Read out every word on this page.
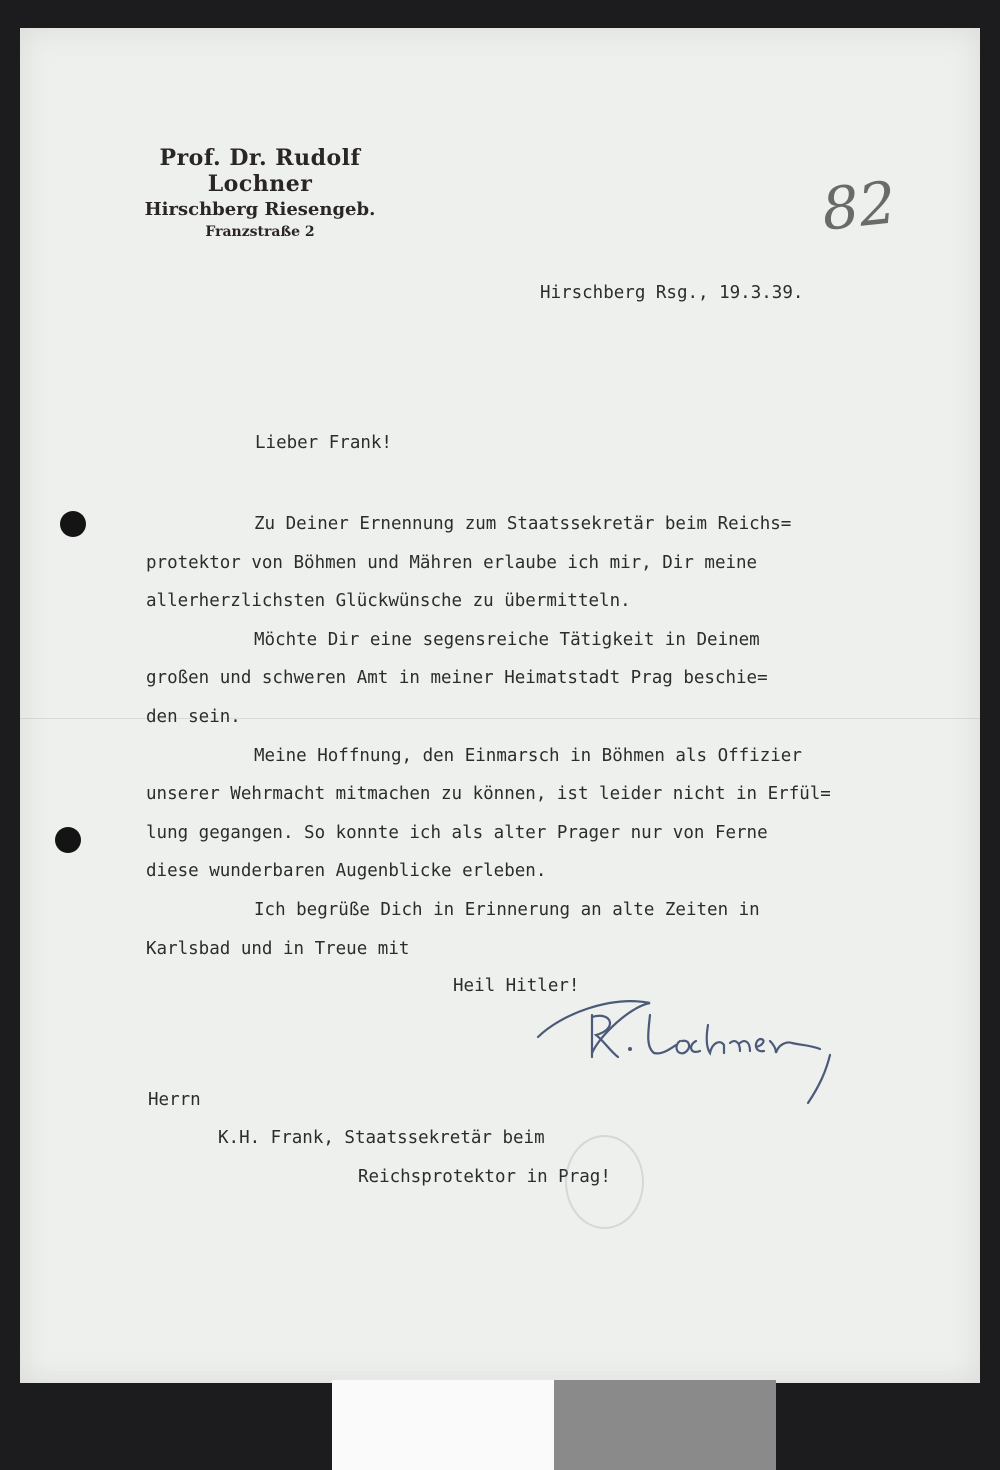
Prof. Dr. Rudolf Lochner
Hirschberg Riesengeb.
Franzstraße 2	82
Hirschberg Rsg., 19.3.39.
Lieber Frank!
Zu Deiner Ernennung zum Staatssekretär beim Reichs=
protektor von Böhmen und Mähren erlaube ich mir, Dir meine
allerherzlichsten Glückwünsche zu übermitteln.
Möchte Dir eine segensreiche Tätigkeit in Deinem
großen und schweren Amt in meiner Heimatstadt Prag beschie=
den sein.
Meine Hoffnung, den Einmarsch in Böhmen als Offizier
unserer Wehrmacht mitmachen zu können, ist leider nicht in Erfül=
lung gegangen. So konnte ich als alter Prager nur von Ferne
diese wunderbaren Augenblicke erleben.
Ich begrüße Dich in Erinnerung an alte Zeiten in
Karlsbad und in Treue mit
Heil Hitler!
Herrn
K.H. Frank, Staatssekretär beim
Reichsprotektor in Prag!
